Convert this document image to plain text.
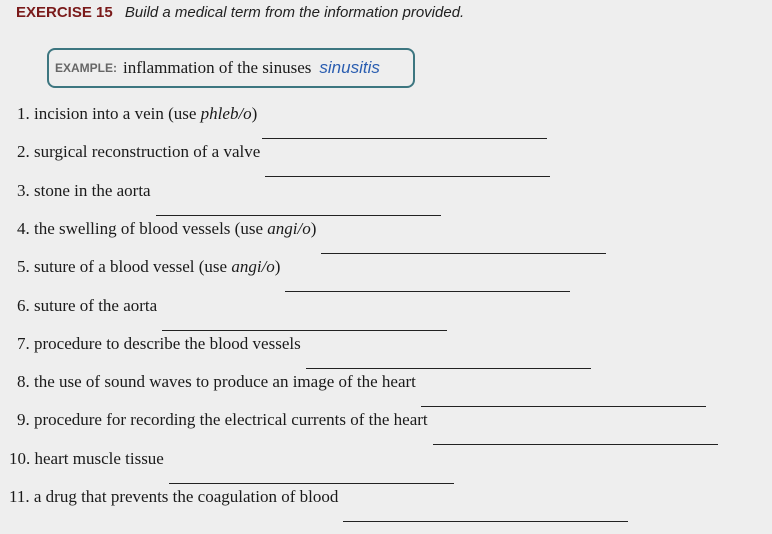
EXERCISE 15 Build a medical term from the information provided.
EXAMPLE: inflammation of the sinuses sinusitis
1. incision into a vein (use phleb/o)
2. surgical reconstruction of a valve
3. stone in the aorta
4. the swelling of blood vessels (use angi/o)
5. suture of a blood vessel (use angi/o)
6. suture of the aorta
7. procedure to describe the blood vessels
8. the use of sound waves to produce an image of the heart
9. procedure for recording the electrical currents of the heart
10. heart muscle tissue
11. a drug that prevents the coagulation of blood
